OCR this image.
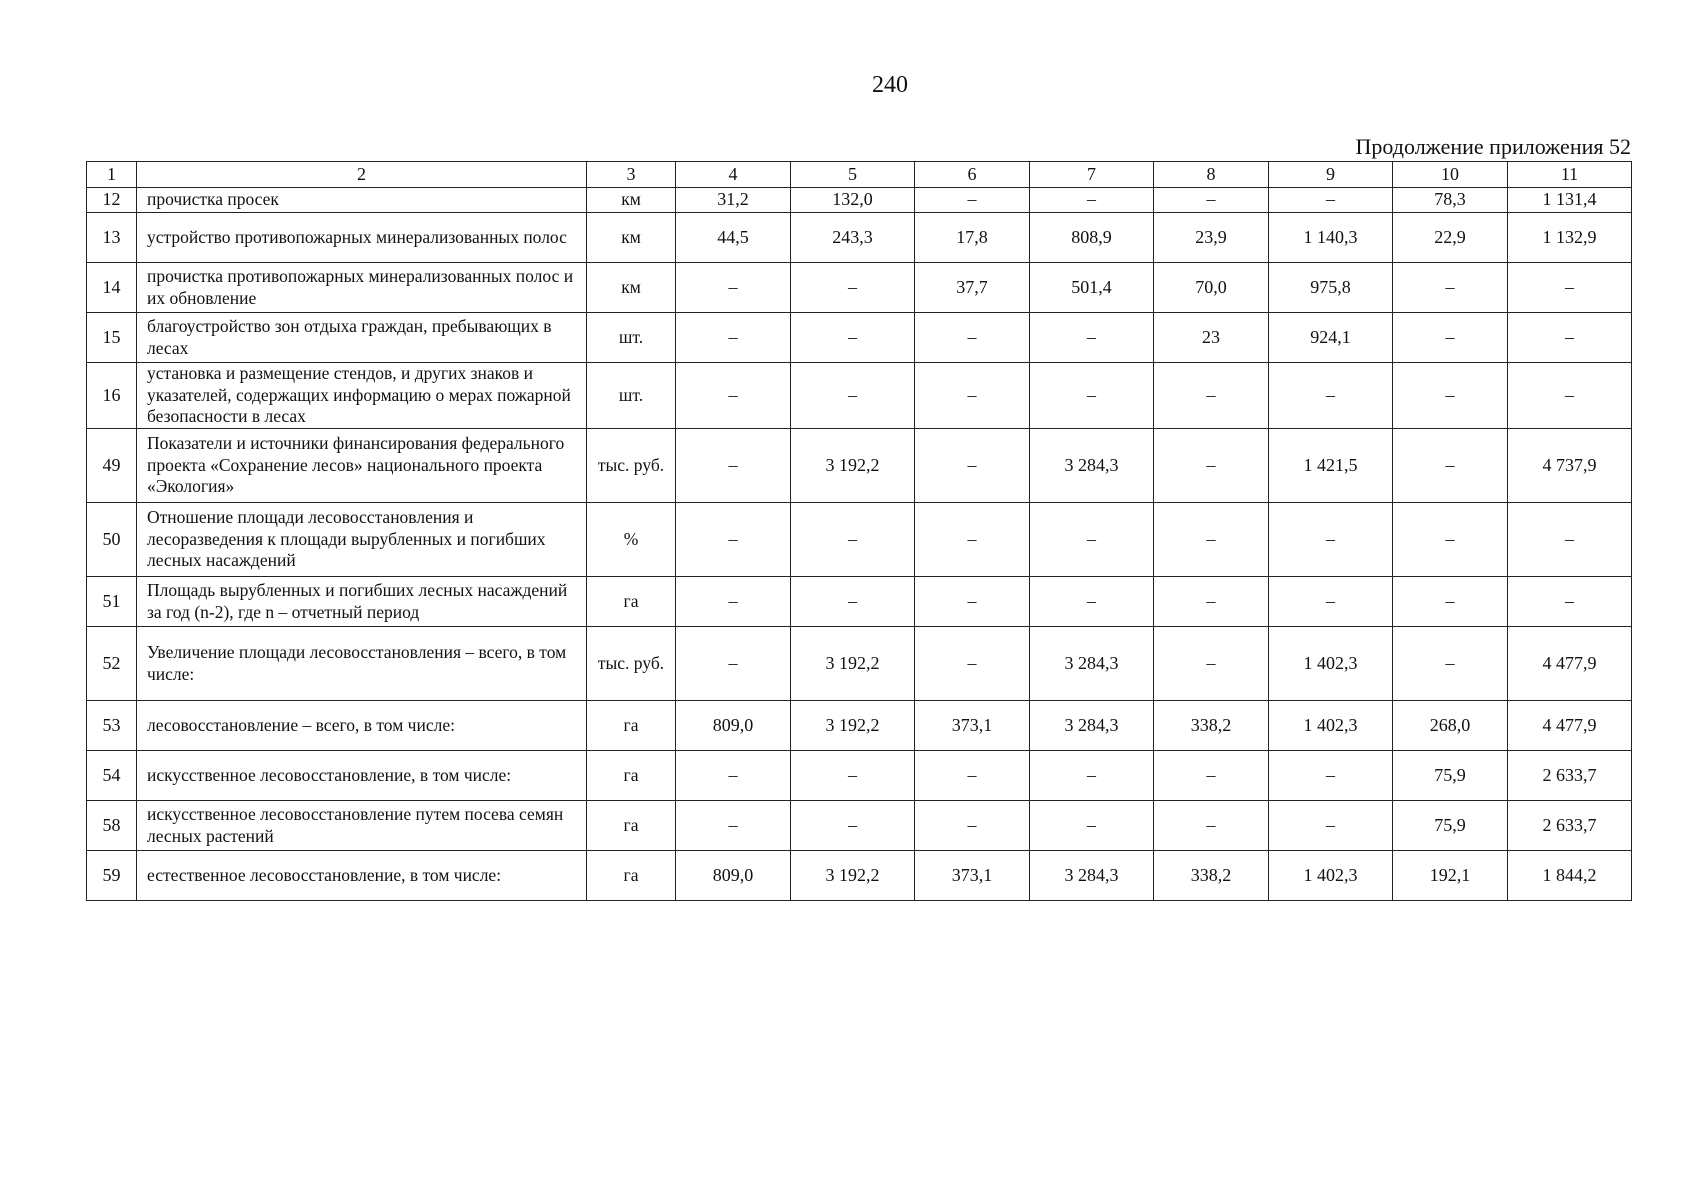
240
Продолжение приложения 52
1	2	3	4	5	6	7	8	9	10	11
12	прочистка просек	км	31,2	132,0	–	–	–	–	78,3	1 131,4
13	устройство противопожарных минерализованных полос	км	44,5	243,3	17,8	808,9	23,9	1 140,3	22,9	1 132,9
14	прочистка противопожарных минерализованных полос и их обновление	км	–	–	37,7	501,4	70,0	975,8	–	–
15	благоустройство зон отдыха граждан, пребывающих в лесах	шт.	–	–	–	–	23	924,1	–	–
16	установка и размещение стендов, и других знаков и указателей, содержащих информацию о мерах пожарной безопасности в лесах	шт.	–	–	–	–	–	–	–	–
49	Показатели и источники финансирования федерального проекта «Сохранение лесов» национального проекта «Экология»	тыс. руб.	–	3 192,2	–	3 284,3	–	1 421,5	–	4 737,9
50	Отношение площади лесовосстановления и лесоразведения к площади вырубленных и погибших лесных насаждений	%	–	–	–	–	–	–	–	–
51	Площадь вырубленных и погибших лесных насаждений за год (n-2), где n – отчетный период	га	–	–	–	–	–	–	–	–
52	Увеличение площади лесовосстановления – всего, в том числе:	тыс. руб.	–	3 192,2	–	3 284,3	–	1 402,3	–	4 477,9
53	лесовосстановление – всего, в том числе:	га	809,0	3 192,2	373,1	3 284,3	338,2	1 402,3	268,0	4 477,9
54	искусственное лесовосстановление, в том числе:	га	–	–	–	–	–	–	75,9	2 633,7
58	искусственное лесовосстановление путем посева семян лесных растений	га	–	–	–	–	–	–	75,9	2 633,7
59	естественное лесовосстановление, в том числе:	га	809,0	3 192,2	373,1	3 284,3	338,2	1 402,3	192,1	1 844,2
